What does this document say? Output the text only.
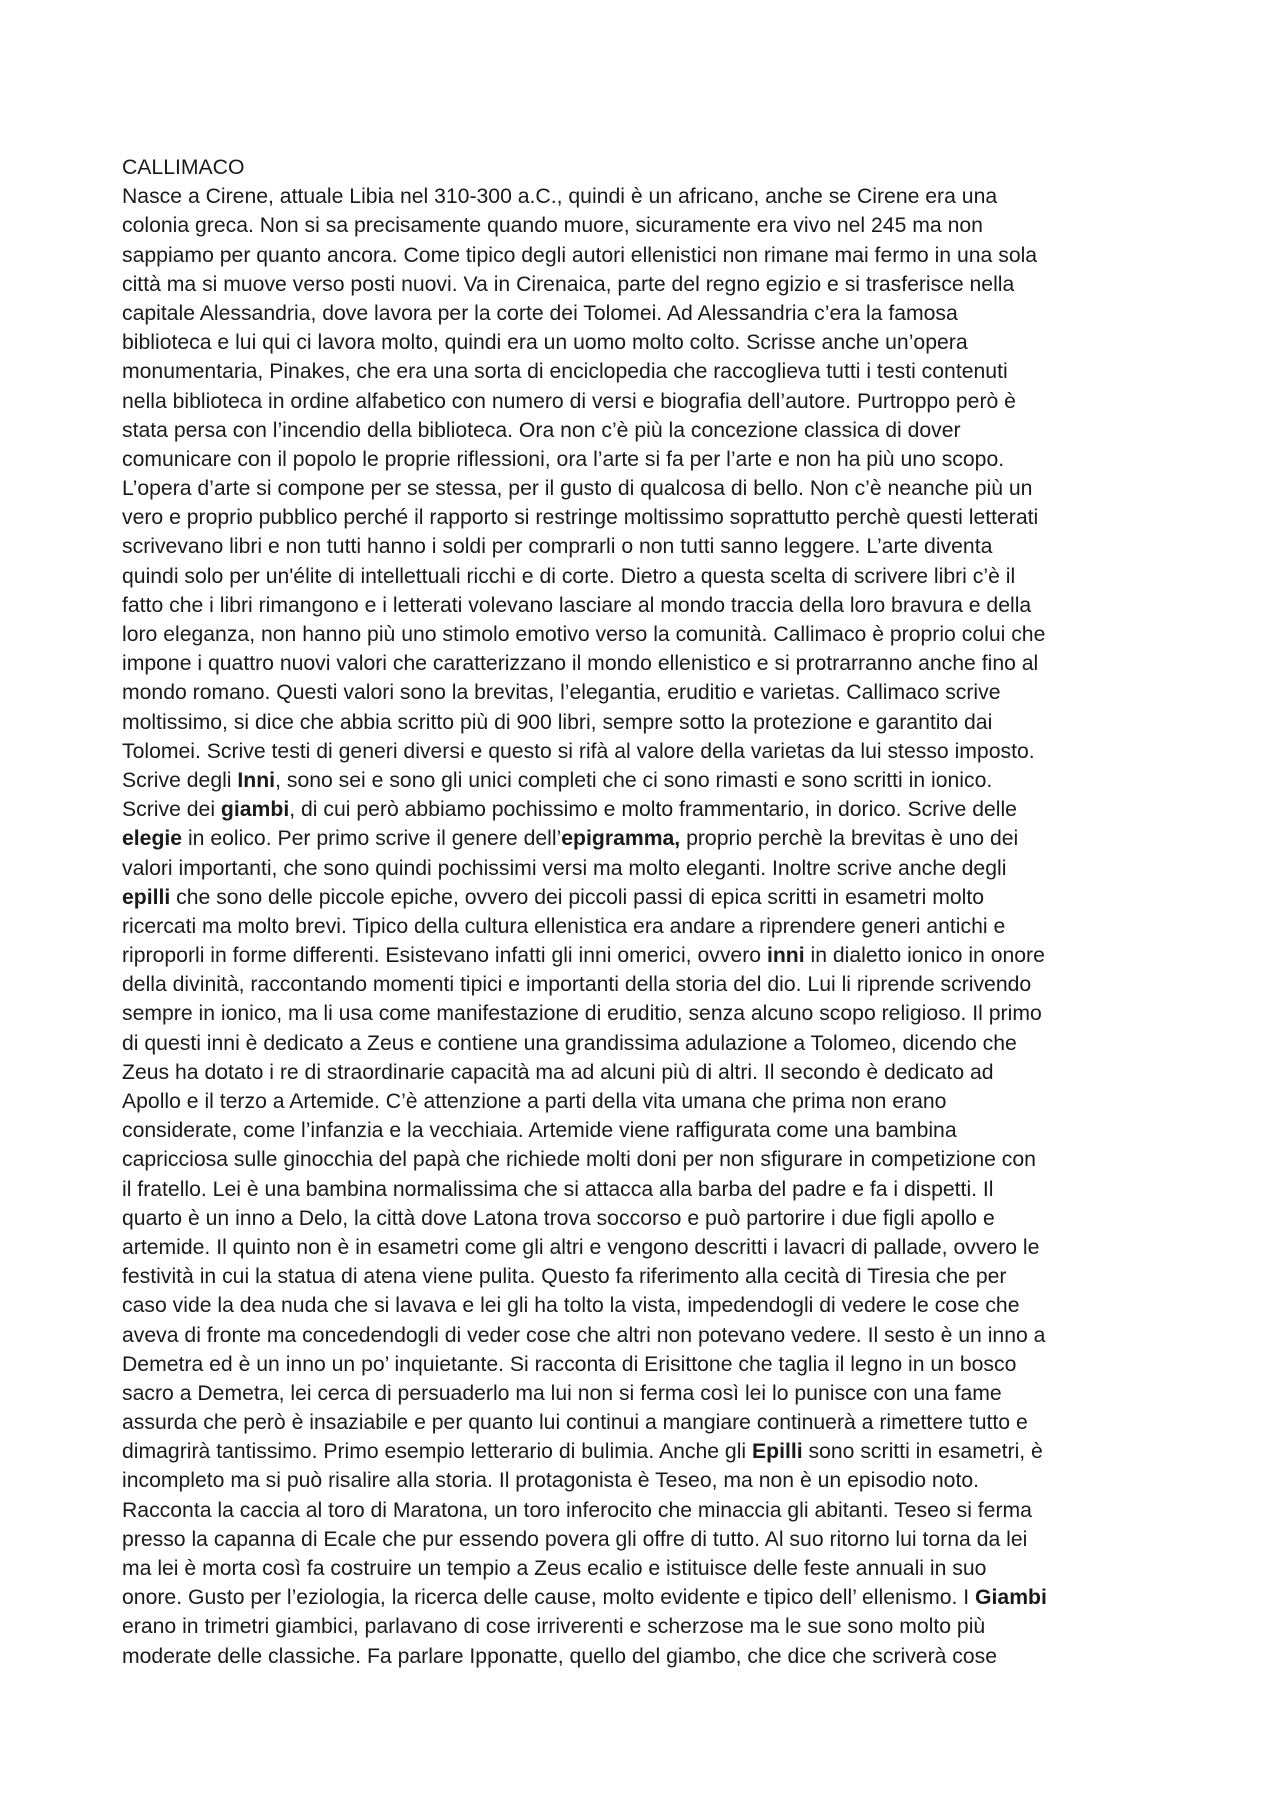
CALLIMACO
Nasce a Cirene, attuale Libia nel 310-300 a.C., quindi è un africano, anche se Cirene era una
colonia greca. Non si sa precisamente quando muore, sicuramente era vivo nel 245 ma non
sappiamo per quanto ancora. Come tipico degli autori ellenistici non rimane mai fermo in una sola
città ma si muove verso posti nuovi. Va in Cirenaica, parte del regno egizio e si trasferisce nella
capitale Alessandria, dove lavora per la corte dei Tolomei. Ad Alessandria c’era la famosa
biblioteca e lui qui ci lavora molto, quindi era un uomo molto colto. Scrisse anche un’opera
monumentaria, Pinakes, che era una sorta di enciclopedia che raccoglieva tutti i testi contenuti
nella biblioteca in ordine alfabetico con numero di versi e biografia dell’autore. Purtroppo però è
stata persa con l’incendio della biblioteca. Ora non c’è più la concezione classica di dover
comunicare con il popolo le proprie riflessioni, ora l’arte si fa per l’arte e non ha più uno scopo.
L’opera d’arte si compone per se stessa, per il gusto di qualcosa di bello. Non c’è neanche più un
vero e proprio pubblico perché il rapporto si restringe moltissimo soprattutto perchè questi letterati
scrivevano libri e non tutti hanno i soldi per comprarli o non tutti sanno leggere. L’arte diventa
quindi solo per un'élite di intellettuali ricchi e di corte. Dietro a questa scelta di scrivere libri c’è il
fatto che i libri rimangono e i letterati volevano lasciare al mondo traccia della loro bravura e della
loro eleganza, non hanno più uno stimolo emotivo verso la comunità. Callimaco è proprio colui che
impone i quattro nuovi valori che caratterizzano il mondo ellenistico e si protrarranno anche fino al
mondo romano. Questi valori sono la brevitas, l’elegantia, eruditio e varietas. Callimaco scrive
moltissimo, si dice che abbia scritto più di 900 libri, sempre sotto la protezione e garantito dai
Tolomei. Scrive testi di generi diversi e questo si rifà al valore della varietas da lui stesso imposto.
Scrive degli Inni, sono sei e sono gli unici completi che ci sono rimasti e sono scritti in ionico.
Scrive dei giambi, di cui però abbiamo pochissimo e molto frammentario, in dorico. Scrive delle
elegie in eolico. Per primo scrive il genere dell’epigramma, proprio perchè la brevitas è uno dei
valori importanti, che sono quindi pochissimi versi ma molto eleganti. Inoltre scrive anche degli
epilli che sono delle piccole epiche, ovvero dei piccoli passi di epica scritti in esametri molto
ricercati ma molto brevi. Tipico della cultura ellenistica era andare a riprendere generi antichi e
riproporli in forme differenti. Esistevano infatti gli inni omerici, ovvero inni in dialetto ionico in onore
della divinità, raccontando momenti tipici e importanti della storia del dio. Lui li riprende scrivendo
sempre in ionico, ma li usa come manifestazione di eruditio, senza alcuno scopo religioso. Il primo
di questi inni è dedicato a Zeus e contiene una grandissima adulazione a Tolomeo, dicendo che
Zeus ha dotato i re di straordinarie capacità ma ad alcuni più di altri. Il secondo è dedicato ad
Apollo e il terzo a Artemide. C’è attenzione a parti della vita umana che prima non erano
considerate, come l’infanzia e la vecchiaia. Artemide viene raffigurata come una bambina
capricciosa sulle ginocchia del papà che richiede molti doni per non sfigurare in competizione con
il fratello. Lei è una bambina normalissima che si attacca alla barba del padre e fa i dispetti. Il
quarto è un inno a Delo, la città dove Latona trova soccorso e può partorire i due figli apollo e
artemide. Il quinto non è in esametri come gli altri e vengono descritti i lavacri di pallade, ovvero le
festività in cui la statua di atena viene pulita. Questo fa riferimento alla cecità di Tiresia che per
caso vide la dea nuda che si lavava e lei gli ha tolto la vista, impedendogli di vedere le cose che
aveva di fronte ma concedendogli di veder cose che altri non potevano vedere. Il sesto è un inno a
Demetra ed è un inno un po’ inquietante. Si racconta di Erisittone che taglia il legno in un bosco
sacro a Demetra, lei cerca di persuaderlo ma lui non si ferma così lei lo punisce con una fame
assurda che però è insaziabile e per quanto lui continui a mangiare continuerà a rimettere tutto e
dimagrirà tantissimo. Primo esempio letterario di bulimia. Anche gli Epilli sono scritti in esametri, è
incompleto ma si può risalire alla storia. Il protagonista è Teseo, ma non è un episodio noto.
Racconta la caccia al toro di Maratona, un toro inferocito che minaccia gli abitanti. Teseo si ferma
presso la capanna di Ecale che pur essendo povera gli offre di tutto. Al suo ritorno lui torna da lei
ma lei è morta così fa costruire un tempio a Zeus ecalio e istituisce delle feste annuali in suo
onore. Gusto per l’eziologia, la ricerca delle cause, molto evidente e tipico dell’ ellenismo. I Giambi
erano in trimetri giambici, parlavano di cose irriverenti e scherzose ma le sue sono molto più
moderate delle classiche. Fa parlare Ipponatte, quello del giambo, che dice che scriverà cose
